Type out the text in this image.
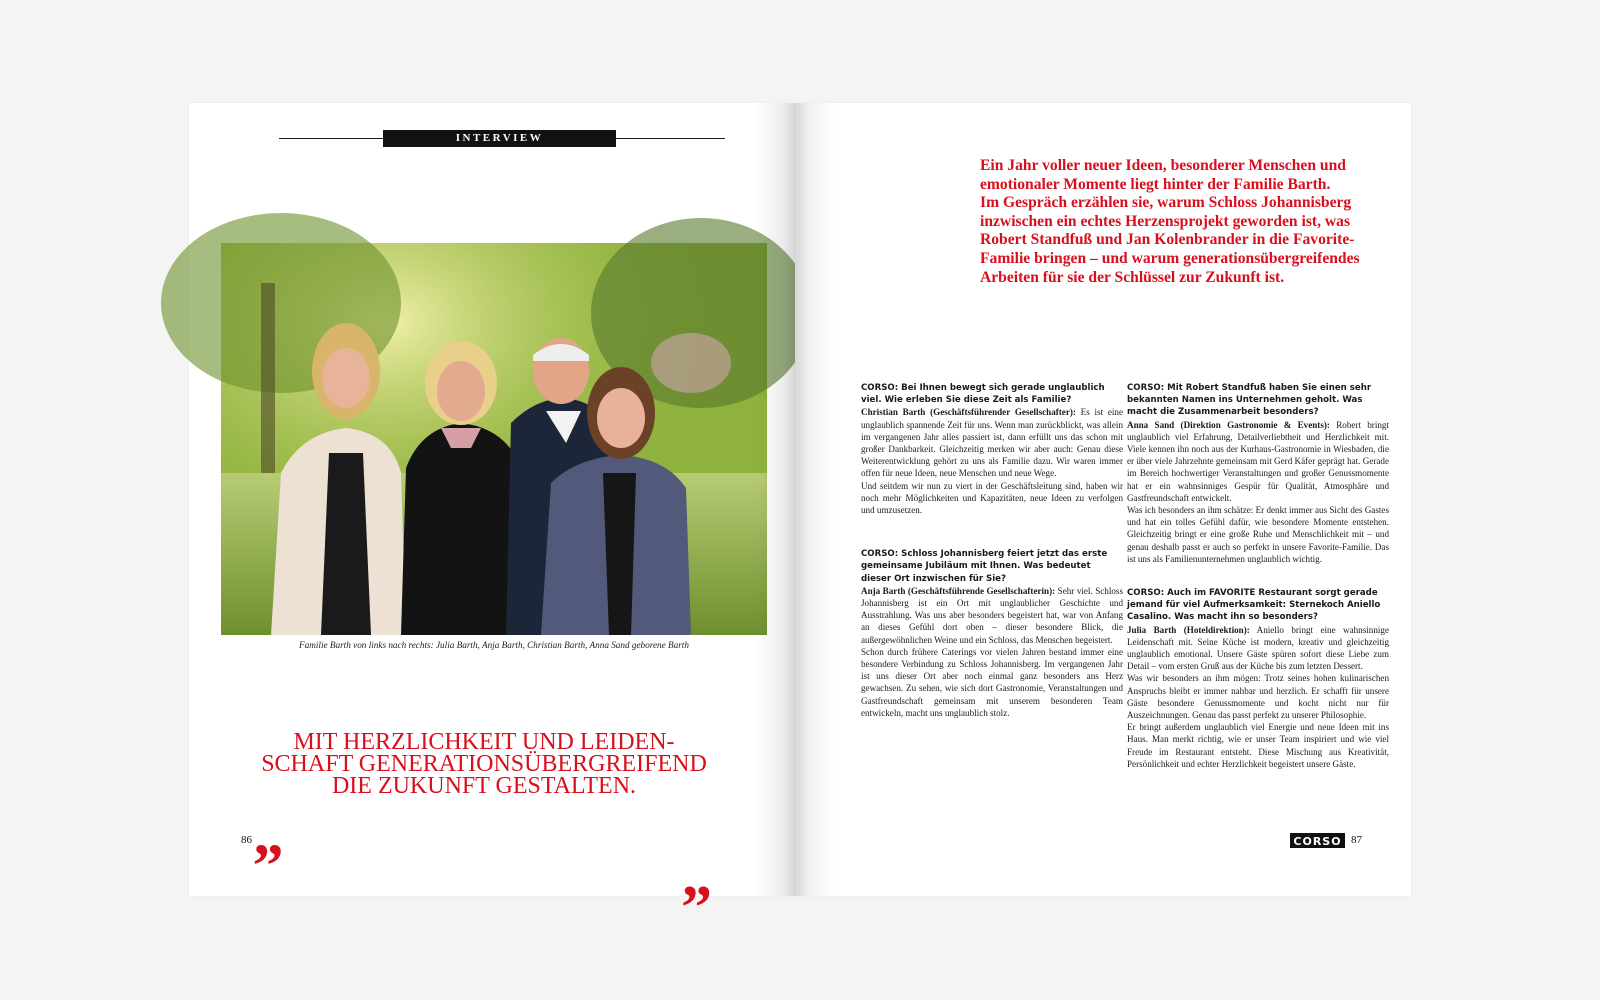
INTERVIEW
Familie Barth von links nach rechts: Julia Barth, Anja Barth, Christian Barth, Anna Sand geborene Barth
„
MIT HERZLICHKEIT UND LEIDEN-
SCHAFT GENERATIONSÜBERGREIFEND
DIE ZUKUNFT GESTALTEN.
”
86
Ein Jahr voller neuer Ideen, besonderer Menschen und
emotionaler Momente liegt hinter der Familie Barth.
Im Gespräch erzählen sie, warum Schloss Johannisberg
inzwischen ein echtes Herzensprojekt geworden ist, was
Robert Standfuß und Jan Kolenbrander in die Favorite-
Familie bringen – und warum generationsübergreifendes
Arbeiten für sie der Schlüssel zur Zukunft ist.
CORSO: Bei Ihnen bewegt sich gerade unglaublich viel. Wie erleben Sie diese Zeit als Familie?
Christian Barth (Geschäftsführender Gesellschafter): Es ist eine unglaublich spannende Zeit für uns. Wenn man zurückblickt, was allein im vergangenen Jahr alles passiert ist, dann erfüllt uns das schon mit großer Dankbarkeit. Gleichzeitig merken wir aber auch: Genau diese Weiterentwicklung gehört zu uns als Familie dazu. Wir waren immer offen für neue Ideen, neue Menschen und neue Wege.
Und seitdem wir nun zu viert in der Geschäftsleitung sind, haben wir noch mehr Möglichkeiten und Kapazitäten, neue Ideen zu verfolgen und umzusetzen.
CORSO: Schloss Johannisberg feiert jetzt das erste gemeinsame Jubiläum mit Ihnen. Was bedeutet dieser Ort inzwischen für Sie?
Anja Barth (Geschäftsführende Gesellschafterin): Sehr viel. Schloss Johannisberg ist ein Ort mit unglaublicher Geschichte und Ausstrahlung. Was uns aber besonders begeistert hat, war von Anfang an dieses Gefühl dort oben – dieser besondere Blick, die außergewöhnlichen Weine und ein Schloss, das Menschen begeistert.
Schon durch frühere Caterings vor vielen Jahren bestand immer eine besondere Verbindung zu Schloss Johannisberg. Im vergangenen Jahr ist uns dieser Ort aber noch einmal ganz besonders ans Herz gewachsen. Zu sehen, wie sich dort Gastronomie, Veranstaltungen und Gastfreundschaft gemeinsam mit unserem besonderen Team entwickeln, macht uns unglaublich stolz.
CORSO: Mit Robert Standfuß haben Sie einen sehr bekannten Namen ins Unternehmen geholt. Was macht die Zusammenarbeit besonders?
Anna Sand (Direktion Gastronomie & Events): Robert bringt unglaublich viel Erfahrung, Detailverliebtheit und Herzlichkeit mit. Viele kennen ihn noch aus der Kurhaus-Gastronomie in Wiesbaden, die er über viele Jahrzehnte gemeinsam mit Gerd Käfer geprägt hat. Gerade im Bereich hochwertiger Veranstaltungen und großer Genussmomente hat er ein wahnsinniges Gespür für Qualität, Atmosphäre und Gastfreundschaft entwickelt.
Was ich besonders an ihm schätze: Er denkt immer aus Sicht des Gastes und hat ein tolles Gefühl dafür, wie besondere Momente entstehen. Gleichzeitig bringt er eine große Ruhe und Menschlichkeit mit – und genau deshalb passt er auch so perfekt in unsere Favorite-Familie. Das ist uns als Familienunternehmen unglaublich wichtig.
CORSO: Auch im FAVORITE Restaurant sorgt gerade jemand für viel Aufmerksamkeit: Sternekoch Aniello Casalino. Was macht ihn so besonders?
Julia Barth (Hoteldirektion): Aniello bringt eine wahnsinnige Leidenschaft mit. Seine Küche ist modern, kreativ und gleichzeitig unglaublich emotional. Unsere Gäste spüren sofort diese Liebe zum Detail – vom ersten Gruß aus der Küche bis zum letzten Dessert.
Was wir besonders an ihm mögen: Trotz seines hohen kulinarischen Anspruchs bleibt er immer nahbar und herzlich. Er schafft für unsere Gäste besondere Genussmomente und kocht nicht nur für Auszeichnungen. Genau das passt perfekt zu unserer Philosophie.
Er bringt außerdem unglaublich viel Energie und neue Ideen mit ins Haus. Man merkt richtig, wie er unser Team inspiriert und wie viel Freude im Restaurant entsteht. Diese Mischung aus Kreativität, Persönlichkeit und echter Herzlichkeit begeistert unsere Gäste.
CORSO 87
